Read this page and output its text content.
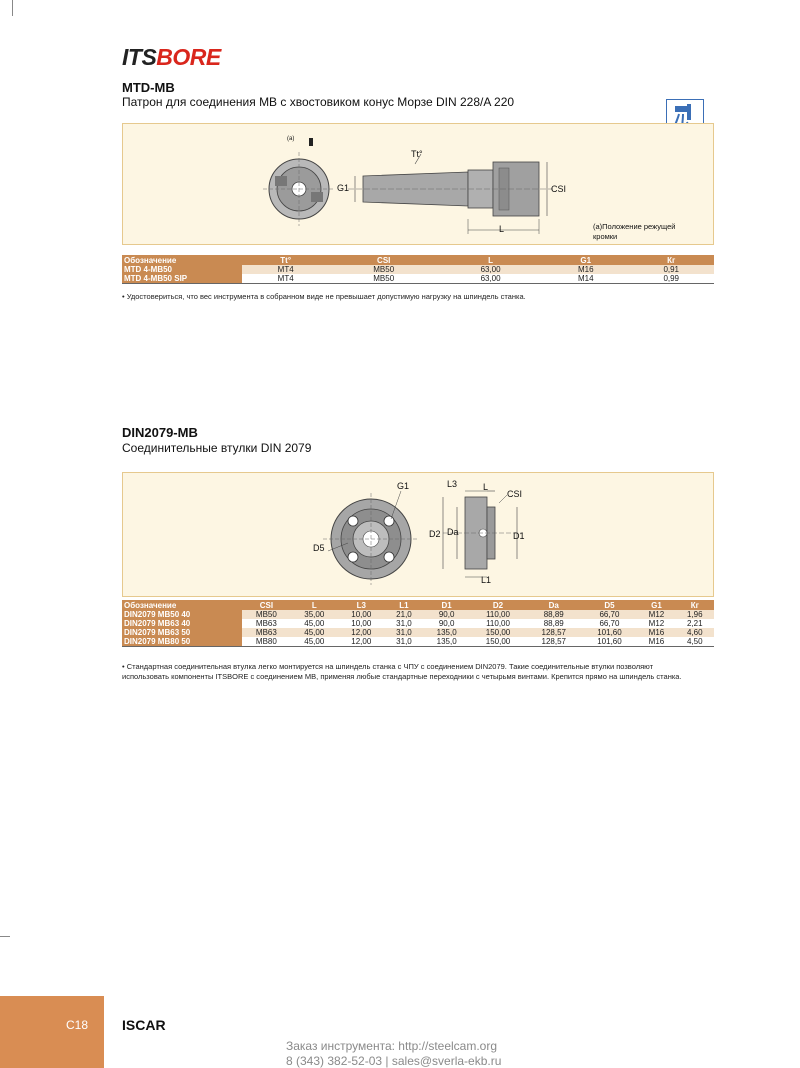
ITSBORE
MTD-MB
Патрон для соединения MB с хвостовиком конус Морзе DIN 228/A 220
(a)
Tt°
G1	CSI
L	(a)Положение режущей
кромки
Обозначение	Tt°	CSI	L	G1	Кг
MTD 4-MB50	MT4	MB50	63,00	M16	0,91
MTD 4-MB50 SIP	MT4	MB50	63,00	M14	0,99
• Удостовериться, что вес инструмента в собранном виде не превышает допустимую нагрузку на шпиндель станка.
DIN2079-MB
Соединительные втулки DIN 2079
G1
D5
L3	L
CSI
D2 Da	D1
L1
Обозначение	CSI	L	L3	L1	D1	D2	Da	D5	G1	Кг
DIN2079 MB50 40	MB50	35,00	10,00	21,0	90,0	110,00	88,89	66,70	M12	1,96
DIN2079 MB63 40	MB63	45,00	10,00	31,0	90,0	110,00	88,89	66,70	M12	2,21
DIN2079 MB63 50	MB63	45,00	12,00	31,0	135,0	150,00	128,57	101,60	M16	4,60
DIN2079 MB80 50	MB80	45,00	12,00	31,0	135,0	150,00	128,57	101,60	M16	4,50
• Стандартная соединительная втулка легко монтируется на шпиндель станка с ЧПУ с соединением DIN2079. Такие соединительные втулки позволяют использовать компоненты ITSBORE с соединением MB, применяя любые стандартные переходники с четырьмя винтами. Крепится прямо на шпиндель станка.
C18 ISCAR
Заказ инструмента: http://steelcam.org
8 (343) 382-52-03 | sales@sverla-ekb.ru
